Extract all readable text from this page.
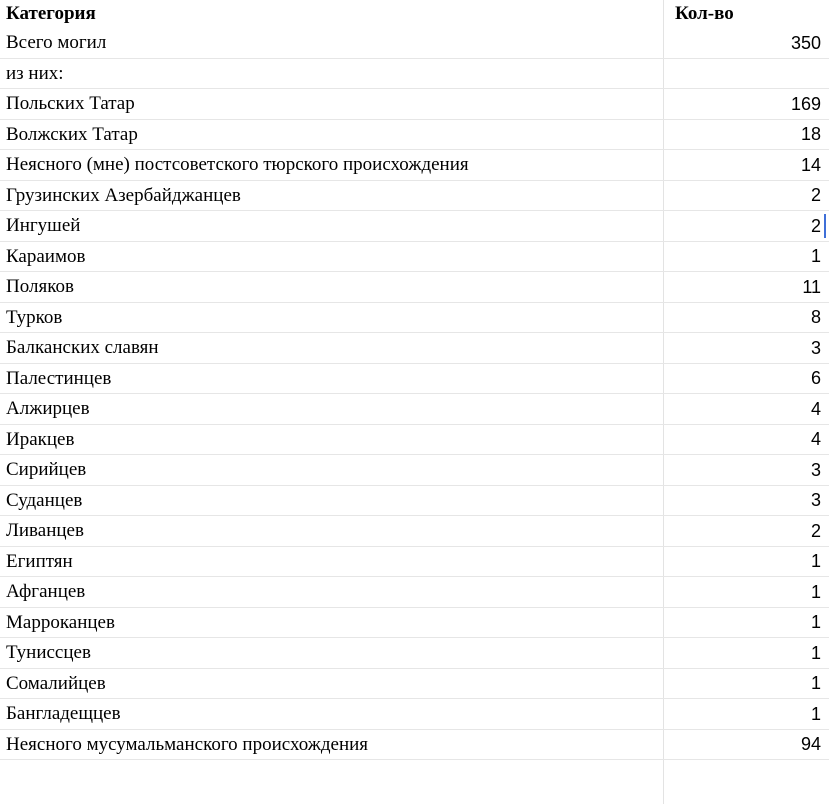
Категория	Кол-во
Всего могил	350
из них:
Польских Татар	169
Волжских Татар	18
Неясного (мне) постсоветского тюрского происхождения	14
Грузинских Азербайджанцев	2
Ингушей	2
Караимов	1
Поляков	11
Турков	8
Балканских славян	3
Палестинцев	6
Алжирцев	4
Иракцев	4
Сирийцев	3
Суданцев	3
Ливанцев	2
Египтян	1
Афганцев	1
Марроканцев	1
Туниссцев	1
Сомалийцев	1
Бангладещцев	1
Неясного мусумальманского происхождения	94
